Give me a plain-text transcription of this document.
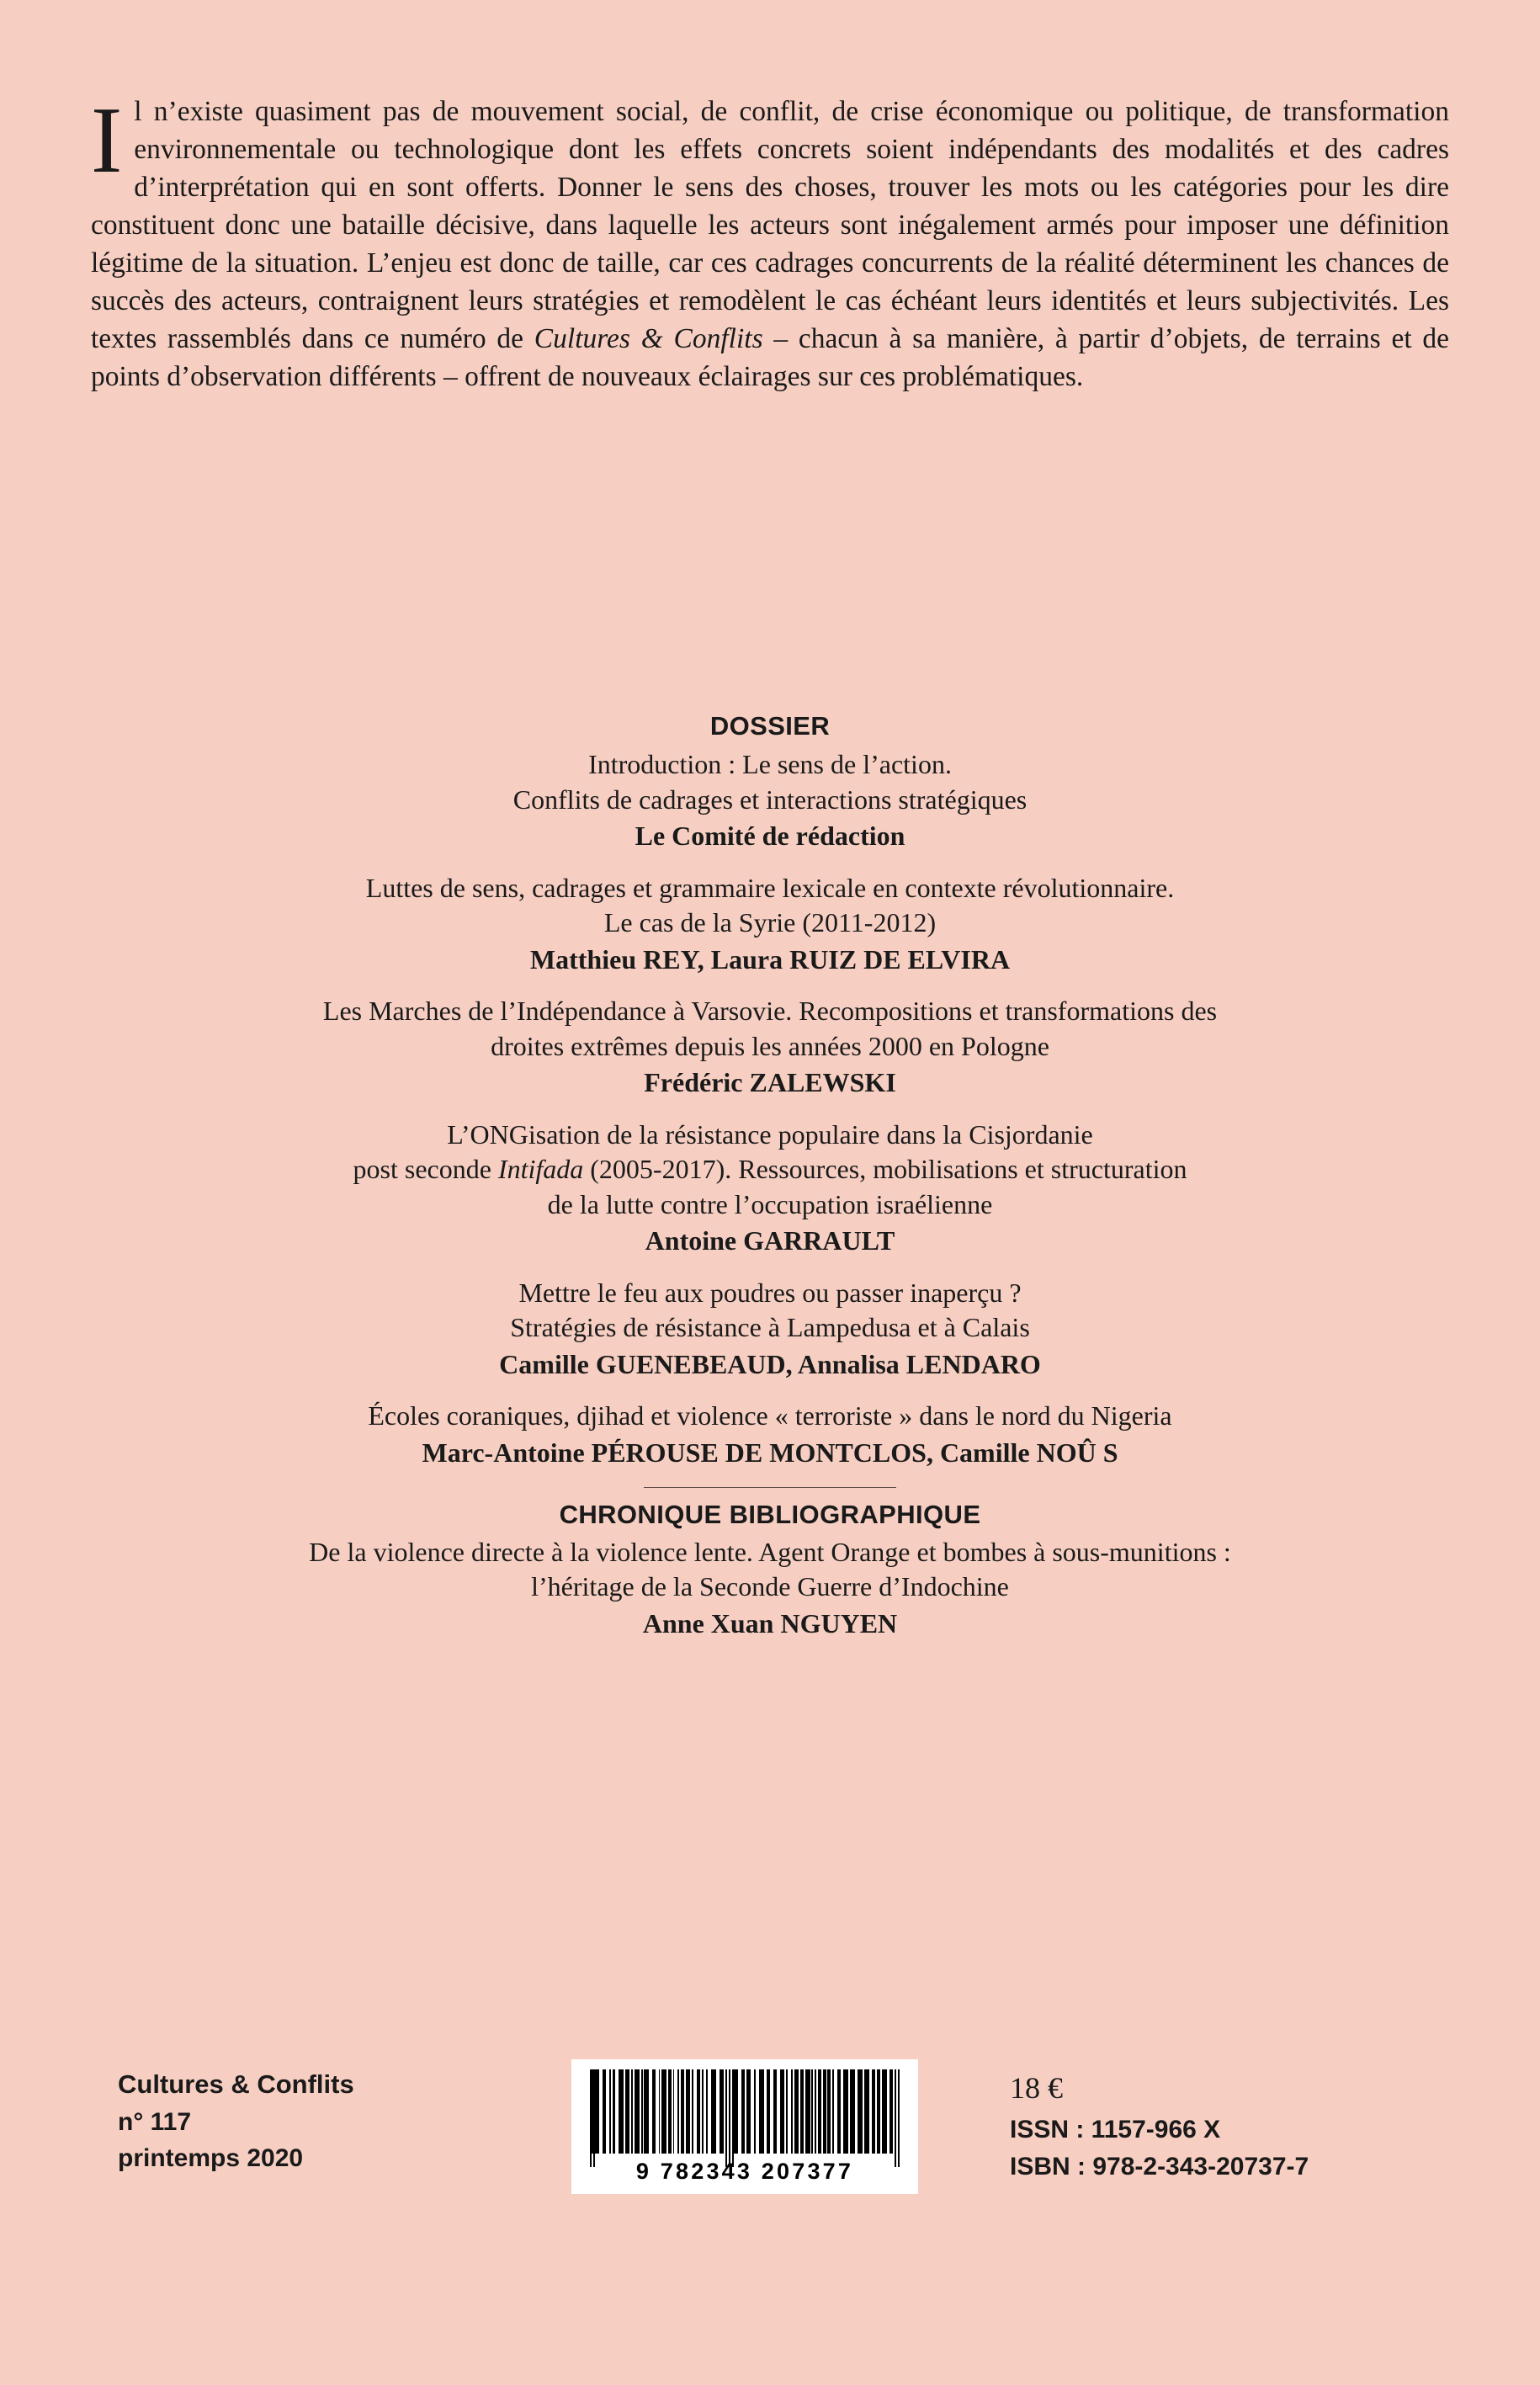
Il n’existe quasiment pas de mouvement social, de conflit, de crise économique ou politique, de transformation environnementale ou technologique dont les effets concrets soient indépendants des modalités et des cadres d’interprétation qui en sont offerts. Donner le sens des choses, trouver les mots ou les catégories pour les dire constituent donc une bataille décisive, dans laquelle les acteurs sont inégalement armés pour imposer une définition légitime de la situation. L’enjeu est donc de taille, car ces cadrages concurrents de la réalité déterminent les chances de succès des acteurs, contraignent leurs stratégies et remodèlent le cas échéant leurs identités et leurs subjectivités. Les textes rassemblés dans ce numéro de Cultures & Conflits – chacun à sa manière, à partir d’objets, de terrains et de points d’observation différents – offrent de nouveaux éclairages sur ces problématiques.
DOSSIER
Introduction : Le sens de l’action.
Conflits de cadrages et interactions stratégiques
Le Comité de rédaction
Luttes de sens, cadrages et grammaire lexicale en contexte révolutionnaire.
Le cas de la Syrie (2011-2012)
Matthieu REY, Laura RUIZ DE ELVIRA
Les Marches de l’Indépendance à Varsovie. Recompositions et transformations des
droites extrêmes depuis les années 2000 en Pologne
Frédéric ZALEWSKI
L’ONGisation de la résistance populaire dans la Cisjordanie
post seconde Intifada (2005-2017). Ressources, mobilisations et structuration
de la lutte contre l’occupation israélienne
Antoine GARRAULT
Mettre le feu aux poudres ou passer inaperçu ?
Stratégies de résistance à Lampedusa et à Calais
Camille GUENEBEAUD, Annalisa LENDARO
Écoles coraniques, djihad et violence « terroriste » dans le nord du Nigeria
Marc-Antoine PÉROUSE DE MONTCLOS, Camille NOÛ S
CHRONIQUE BIBLIOGRAPHIQUE
De la violence directe à la violence lente. Agent Orange et bombes à sous-munitions :
l’héritage de la Seconde Guerre d’Indochine
Anne Xuan NGUYEN
Cultures & Conflits
n° 117
printemps 2020	9 782343 207377
18 €
ISSN : 1157-966 X
ISBN : 978-2-343-20737-7
